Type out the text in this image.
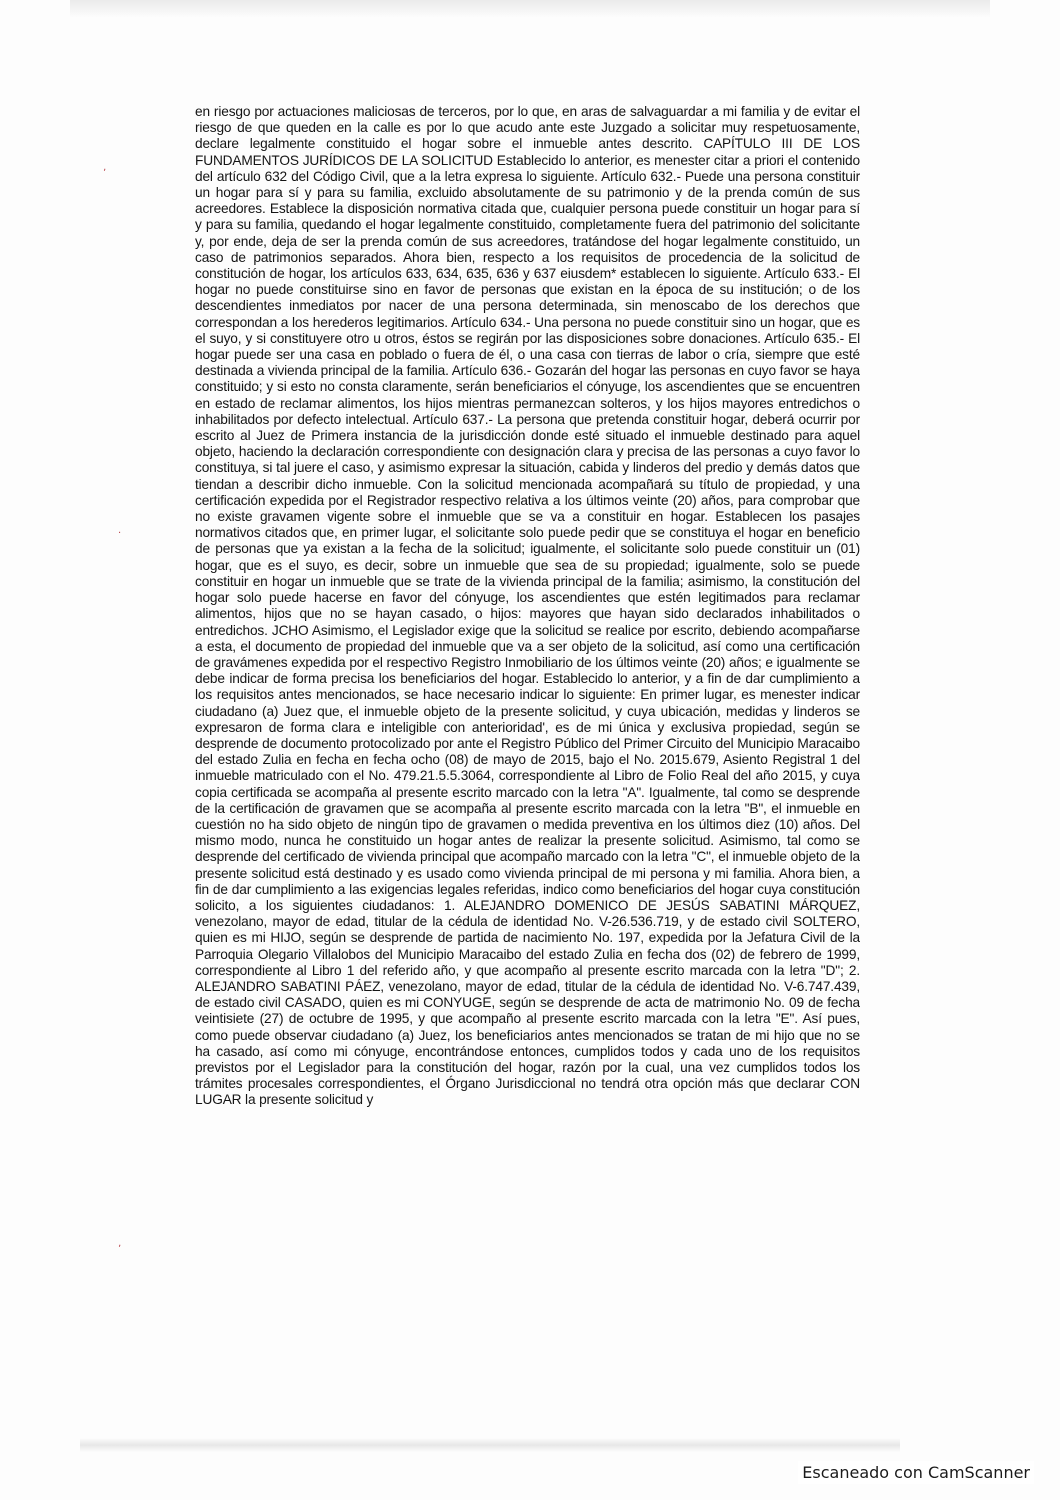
ʼ
·
ʼ

en riesgo por actuaciones maliciosas de terceros, por lo que, en aras de salvaguardar a mi familia y de evitar el riesgo de que queden en la calle es por lo que acudo ante este Juzgado a solicitar muy respetuosamente, declare legalmente constituido el hogar sobre el inmueble antes descrito. CAPÍTULO III DE LOS FUNDAMENTOS JURÍDICOS DE LA SOLICITUD Establecido lo anterior, es menester citar a priori el contenido del artículo 632 del Código Civil, que a la letra expresa lo siguiente. Artículo 632.- Puede una persona constituir un hogar para sí y para su familia, excluido absolutamente de su patrimonio y de la prenda común de sus acreedores. Establece la disposición normativa citada que, cualquier persona puede constituir un hogar para sí y para su familia, quedando el hogar legalmente constituido, completamente fuera del patrimonio del solicitante y, por ende, deja de ser la prenda común de sus acreedores, tratándose del hogar legalmente constituido, un caso de patrimonios separados. Ahora bien, respecto a los requisitos de procedencia de la solicitud de constitución de hogar, los artículos 633, 634, 635, 636 y 637 eiusdem* establecen lo siguiente. Artículo 633.- El hogar no puede constituirse sino en favor de personas que existan en la época de su institución; o de los descendientes inmediatos por nacer de una persona determinada, sin menoscabo de los derechos que correspondan a los herederos legitimarios. Artículo 634.- Una persona no puede constituir sino un hogar, que es el suyo, y si constituyere otro u otros, éstos se regirán por las disposiciones sobre donaciones. Artículo 635.- El hogar puede ser una casa en poblado o fuera de él, o una casa con tierras de labor o cría, siempre que esté destinada a vivienda principal de la familia. Artículo 636.- Gozarán del hogar las personas en cuyo favor se haya constituido; y si esto no consta claramente, serán beneficiarios el cónyuge, los ascendientes que se encuentren en estado de reclamar alimentos, los hijos mientras permanezcan solteros, y los hijos mayores entredichos o inhabilitados por defecto intelectual. Artículo 637.- La persona que pretenda constituir hogar, deberá ocurrir por escrito al Juez de Primera instancia de la jurisdicción donde esté situado el inmueble destinado para aquel objeto, haciendo la declaración correspondiente con designación clara y precisa de las personas a cuyo favor lo constituya, si tal juere el caso, y asimismo expresar la situación, cabida y linderos del predio y demás datos que tiendan a describir dicho inmueble. Con la solicitud mencionada acompañará su título de propiedad, y una certificación expedida por el Registrador respectivo relativa a los últimos veinte (20) años, para comprobar que no existe gravamen vigente sobre el inmueble que se va a constituir en hogar. Establecen los pasajes normativos citados que, en primer lugar, el solicitante solo puede pedir que se constituya el hogar en beneficio de personas que ya existan a la fecha de la solicitud; igualmente, el solicitante solo puede constituir un (01) hogar, que es el suyo, es decir, sobre un inmueble que sea de su propiedad; igualmente, solo se puede constituir en hogar un inmueble que se trate de la vivienda principal de la familia; asimismo, la constitución del hogar solo puede hacerse en favor del cónyuge, los ascendientes que estén legitimados para reclamar alimentos, hijos que no se hayan casado, o hijos: mayores que hayan sido declarados inhabilitados o entredichos. JCHO Asimismo, el Legislador exige que la solicitud se realice por escrito, debiendo acompañarse a esta, el documento de propiedad del inmueble que va a ser objeto de la solicitud, así como una certificación de gravámenes expedida por el respectivo Registro Inmobiliario de los últimos veinte (20) años; e igualmente se debe indicar de forma precisa los beneficiarios del hogar. Establecido lo anterior, y a fin de dar cumplimiento a los requisitos antes mencionados, se hace necesario indicar lo siguiente: En primer lugar, es menester indicar ciudadano (a) Juez que, el inmueble objeto de la presente solicitud, y cuya ubicación, medidas y linderos se expresaron de forma clara e inteligible con anterioridad', es de mi única y exclusiva propiedad, según se desprende de documento protocolizado por ante el Registro Público del Primer Circuito del Municipio Maracaibo del estado Zulia en fecha en fecha ocho (08) de mayo de 2015, bajo el No. 2015.679, Asiento Registral 1 del inmueble matriculado con el No. 479.21.5.5.3064, correspondiente al Libro de Folio Real del año 2015, y cuya copia certificada se acompaña al presente escrito marcado con la letra "A". Igualmente, tal como se desprende de la certificación de gravamen que se acompaña al presente escrito marcada con la letra "B", el inmueble en cuestión no ha sido objeto de ningún tipo de gravamen o medida preventiva en los últimos diez (10) años. Del mismo modo, nunca he constituido un hogar antes de realizar la presente solicitud. Asimismo, tal como se desprende del certificado de vivienda principal que acompaño marcado con la letra "C", el inmueble objeto de la presente solicitud está destinado y es usado como vivienda principal de mi persona y mi familia. Ahora bien, a fin de dar cumplimiento a las exigencias legales referidas, indico como beneficiarios del hogar cuya constitución solicito, a los siguientes ciudadanos: 1. ALEJANDRO DOMENICO DE JESÚS SABATINI MÁRQUEZ, venezolano, mayor de edad, titular de la cédula de identidad No. V-26.536.719, y de estado civil SOLTERO, quien es mi HIJO, según se desprende de partida de nacimiento No. 197, expedida por la Jefatura Civil de la Parroquia Olegario Villalobos del Municipio Maracaibo del estado Zulia en fecha dos (02) de febrero de 1999, correspondiente al Libro 1 del referido año, y que acompaño al presente escrito marcada con la letra "D"; 2. ALEJANDRO SABATINI PÁEZ, venezolano, mayor de edad, titular de la cédula de identidad No. V-6.747.439, de estado civil CASADO, quien es mi CONYUGE, según se desprende de acta de matrimonio No. 09 de fecha veintisiete (27) de octubre de 1995, y que acompaño al presente escrito marcada con la letra "E". Así pues, como puede observar ciudadano (a) Juez, los beneficiarios antes mencionados se tratan de mi hijo que no se ha casado, así como mi cónyuge, encontrándose entonces, cumplidos todos y cada uno de los requisitos previstos por el Legislador para la constitución del hogar, razón por la cual, una vez cumplidos todos los trámites procesales correspondientes, el Órgano Jurisdiccional no tendrá otra opción más que declarar CON LUGAR la presente solicitud y

Escaneado con CamScanner
